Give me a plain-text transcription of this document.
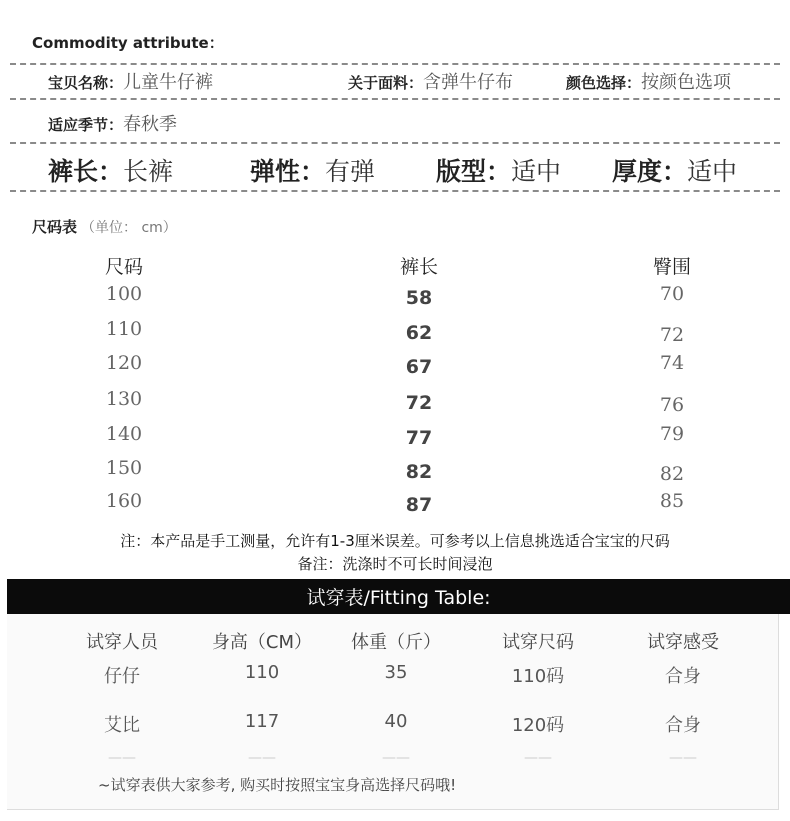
Commodity attribute：
宝贝名称： 儿童牛仔裤	关于面料： 含弹牛仔布	颜色选择： 按颜色选项
适应季节： 春秋季
裤长： 长裤	弹性： 有弹 版型： 适中 厚度： 适中
尺码表 （单位： cm）
尺码	裤长	臀围
100	58	70
110	62	72
120	67	74
130	72	76
140	77	79
150	82	82
160	87	85
注：本产品是手工测量，允许有1-3厘米误差。可参考以上信息挑选适合宝宝的尺码
备注：洗涤时不可长时间浸泡
试穿表/Fitting Table:
试穿人员	身高（CM）	体重（斤）	试穿尺码	试穿感受
仔仔	110	35	110码	合身
艾比	117	40	120码	合身
——	——	——	——	——
~试穿表供大家参考, 购买时按照宝宝身高选择尺码哦!
